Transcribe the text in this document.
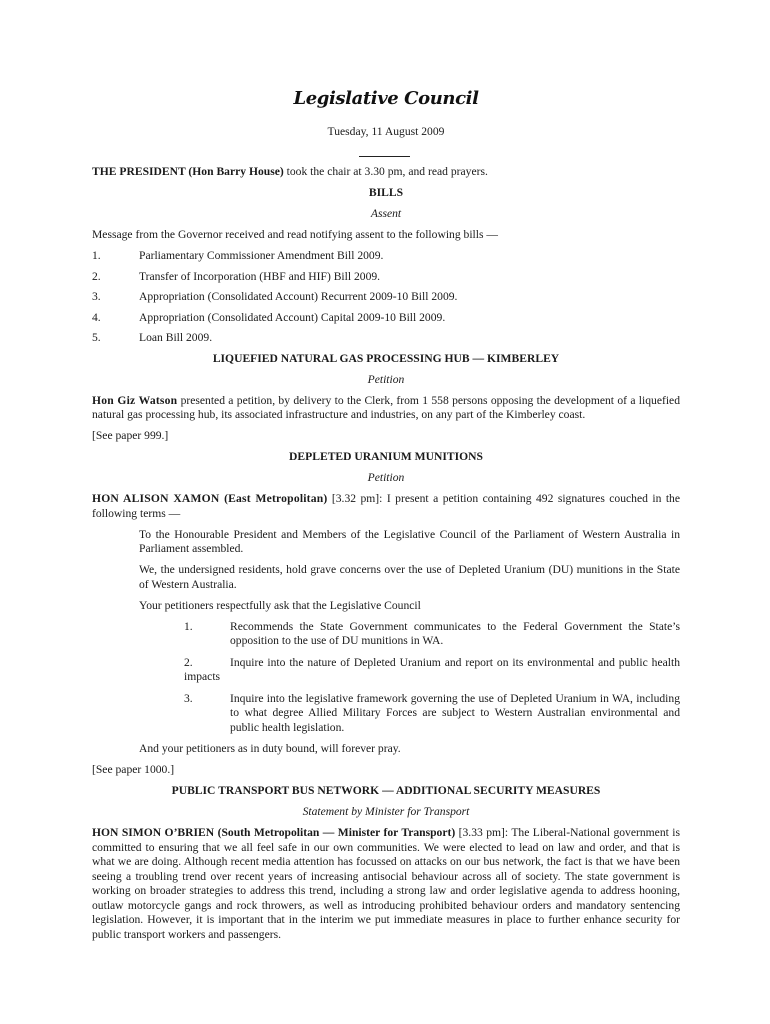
Legislative Council
Tuesday, 11 August 2009

THE PRESIDENT (Hon Barry House) took the chair at 3.30 pm, and read prayers.

BILLS
Assent

Message from the Governor received and read notifying assent to the following bills —

1.	Parliamentary Commissioner Amendment Bill 2009.
2.	Transfer of Incorporation (HBF and HIF) Bill 2009.
3.	Appropriation (Consolidated Account) Recurrent 2009-10 Bill 2009.
4.	Appropriation (Consolidated Account) Capital 2009-10 Bill 2009.
5.	Loan Bill 2009.
LIQUEFIED NATURAL GAS PROCESSING HUB — KIMBERLEY
Petition

Hon Giz Watson presented a petition, by delivery to the Clerk, from 1 558 persons opposing the development of a liquefied natural gas processing hub, its associated infrastructure and industries, on any part of the Kimberley coast.

[See paper 999.]

DEPLETED URANIUM MUNITIONS
Petition

HON ALISON XAMON (East Metropolitan) [3.32 pm]: I present a petition containing 492 signatures couched in the following terms —

To the Honourable President and Members of the Legislative Council of the Parliament of Western Australia in Parliament assembled.

We, the undersigned residents, hold grave concerns over the use of Depleted Uranium (DU) munitions in the State of Western Australia.

Your petitioners respectfully ask that the Legislative Council

1.	Recommends the State Government communicates to the Federal Government the State’s opposition to the use of DU munitions in WA.

2.	Inquire into the nature of Depleted Uranium and report on its environmental and public health impacts

3.	Inquire into the legislative framework governing the use of Depleted Uranium in WA, including to what degree Allied Military Forces are subject to Western Australian environmental and public health legislation.

And your petitioners as in duty bound, will forever pray.

[See paper 1000.]

PUBLIC TRANSPORT BUS NETWORK — ADDITIONAL SECURITY MEASURES
Statement by Minister for Transport

HON SIMON O’BRIEN (South Metropolitan — Minister for Transport) [3.33 pm]: The Liberal-National government is committed to ensuring that we all feel safe in our own communities. We were elected to lead on law and order, and that is what we are doing. Although recent media attention has focussed on attacks on our bus network, the fact is that we have been seeing a troubling trend over recent years of increasing antisocial behaviour across all of society. The state government is working on broader strategies to address this trend, including a strong law and order legislative agenda to address hooning, outlaw motorcycle gangs and rock throwers, as well as introducing prohibited behaviour orders and mandatory sentencing legislation. However, it is important that in the interim we put immediate measures in place to further enhance security for public transport workers and passengers.
